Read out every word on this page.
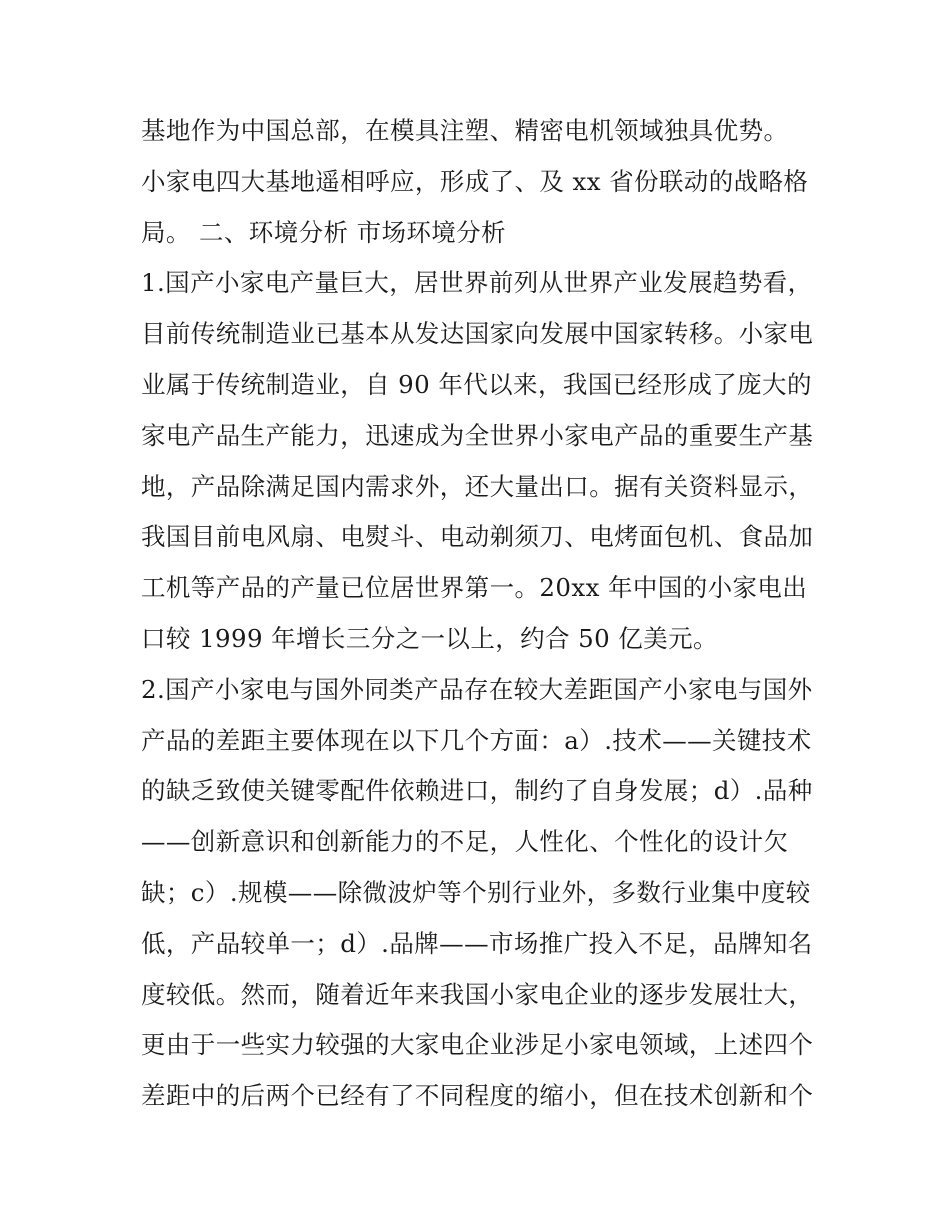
基地作为中国总部，在模具注塑、精密电机领域独具优势。
小家电四大基地遥相呼应，形成了、及 xx 省份联动的战略格
局。 二、环境分析 市场环境分析
1.国产小家电产量巨大，居世界前列从世界产业发展趋势看，
目前传统制造业已基本从发达国家向发展中国家转移。小家电
业属于传统制造业，自 90 年代以来，我国已经形成了庞大的
家电产品生产能力，迅速成为全世界小家电产品的重要生产基
地，产品除满足国内需求外，还大量出口。据有关资料显示，
我国目前电风扇、电熨斗、电动剃须刀、电烤面包机、食品加
工机等产品的产量已位居世界第一。20xx 年中国的小家电出
口较 1999 年增长三分之一以上，约合 50 亿美元。
2.国产小家电与国外同类产品存在较大差距国产小家电与国外
产品的差距主要体现在以下几个方面：a）.技术——关键技术
的缺乏致使关键零配件依赖进口，制约了自身发展；d）.品种
——创新意识和创新能力的不足，人性化、个性化的设计欠
缺；c）.规模——除微波炉等个别行业外，多数行业集中度较
低，产品较单一；d）.品牌——市场推广投入不足，品牌知名
度较低。然而，随着近年来我国小家电企业的逐步发展壮大，
更由于一些实力较强的大家电企业涉足小家电领域，上述四个
差距中的后两个已经有了不同程度的缩小，但在技术创新和个
